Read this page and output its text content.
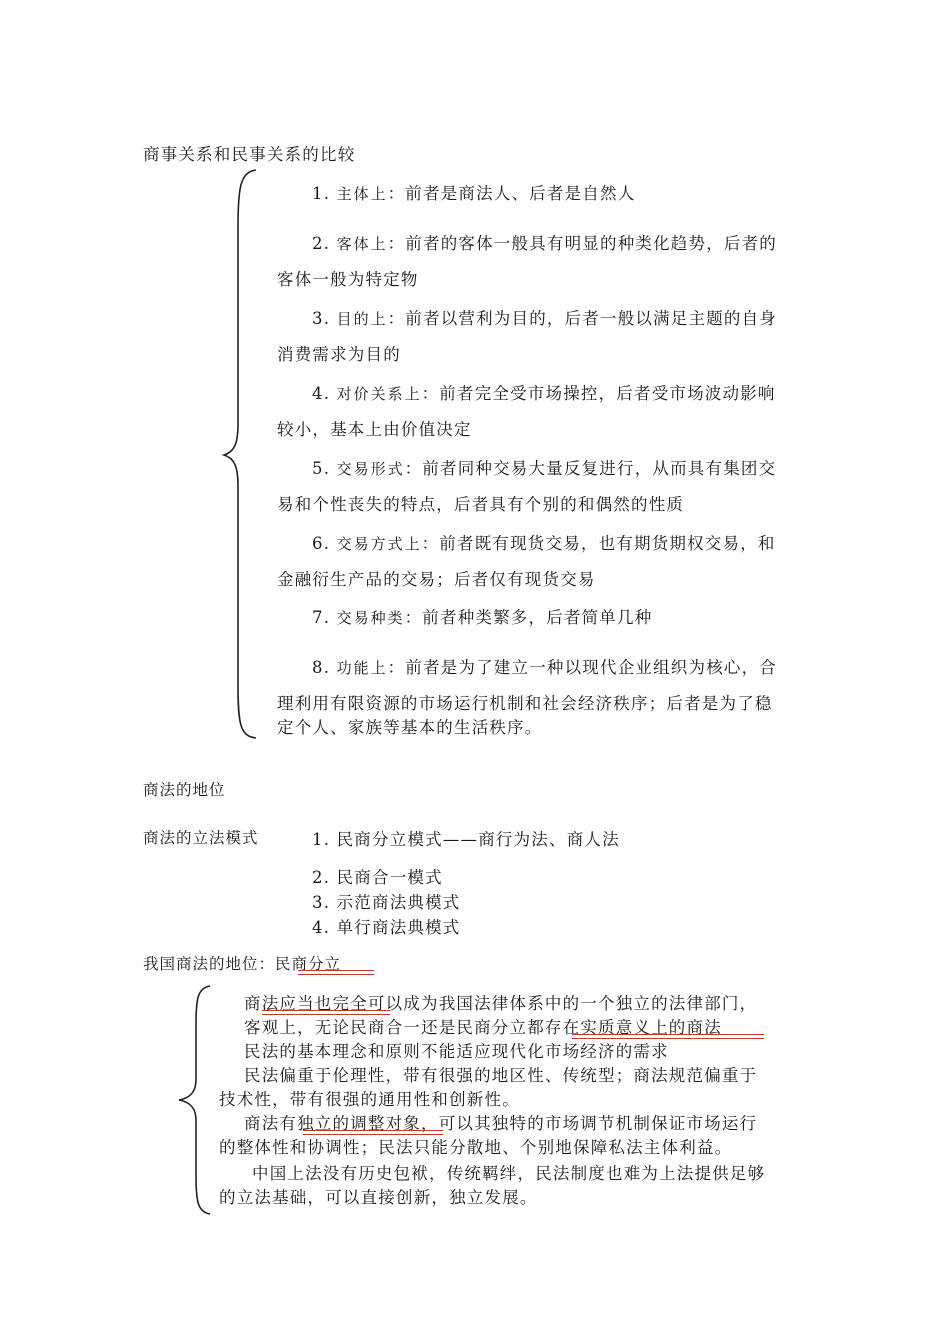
商事关系和民事关系的比较
1. 主体上：前者是商法人、后者是自然人
2. 客体上：前者的客体一般具有明显的种类化趋势，后者的
客体一般为特定物
3. 目的上：前者以营利为目的，后者一般以满足主题的自身
消费需求为目的
4. 对价关系上：前者完全受市场操控，后者受市场波动影响
较小，基本上由价值决定
5. 交易形式：前者同种交易大量反复进行，从而具有集团交
易和个性丧失的特点，后者具有个别的和偶然的性质
6. 交易方式上：前者既有现货交易，也有期货期权交易，和
金融衍生产品的交易；后者仅有现货交易
7. 交易种类：前者种类繁多，后者简单几种
8. 功能上：前者是为了建立一种以现代企业组织为核心，合
理利用有限资源的市场运行机制和社会经济秩序；后者是为了稳
定个人、家族等基本的生活秩序。
商法的地位
商法的立法模式	1. 民商分立模式——商行为法、商人法
2. 民商合一模式
3. 示范商法典模式
4. 单行商法典模式
我国商法的地位：民商分立
商法应当也完全可以成为我国法律体系中的一个独立的法律部门，
客观上，无论民商合一还是民商分立都存在实质意义上的商法
民法的基本理念和原则不能适应现代化市场经济的需求
民法偏重于伦理性，带有很强的地区性、传统型；商法规范偏重于
技术性，带有很强的通用性和创新性。
商法有独立的调整对象，可以其独特的市场调节机制保证市场运行
的整体性和协调性；民法只能分散地、个别地保障私法主体利益。
中国上法没有历史包袱，传统羁绊，民法制度也难为上法提供足够
的立法基础，可以直接创新，独立发展。
